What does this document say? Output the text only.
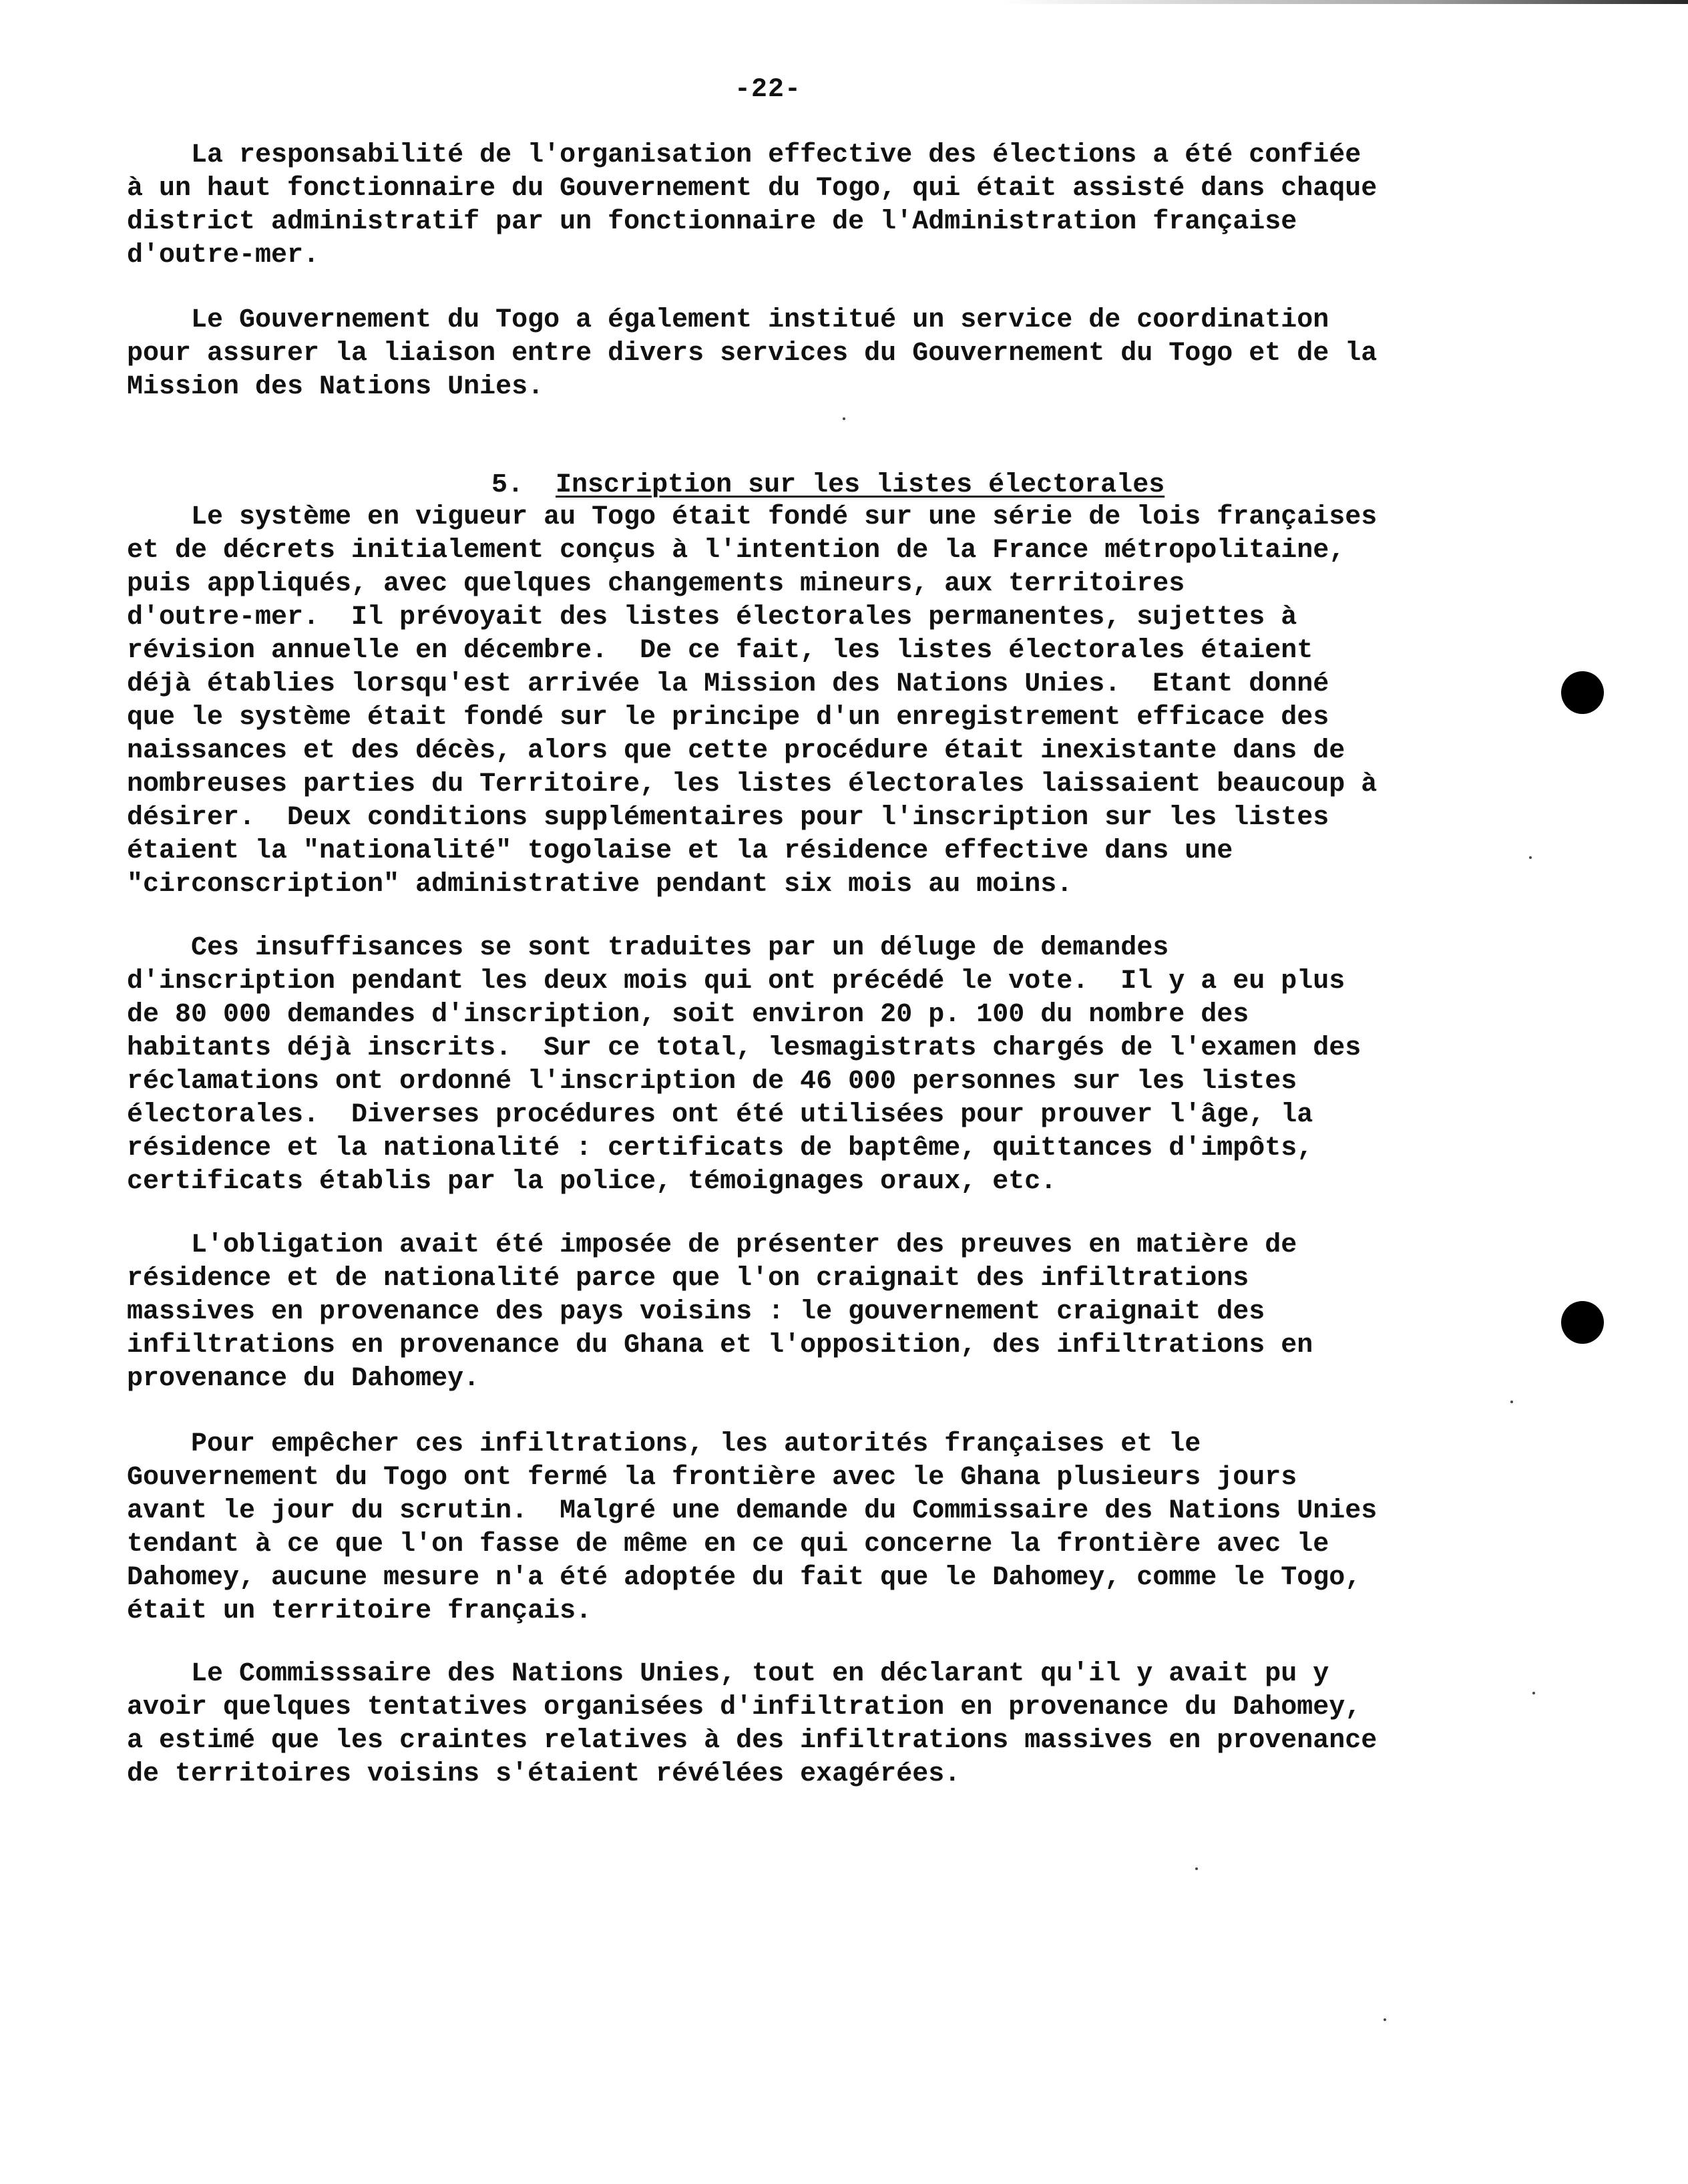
-22-

La responsabilité de l'organisation effective des élections a été confiée
à un haut fonctionnaire du Gouvernement du Togo, qui était assisté dans chaque
district administratif par un fonctionnaire de l'Administration française
d'outre-mer.

Le Gouvernement du Togo a également institué un service de coordination
pour assurer la liaison entre divers services du Gouvernement du Togo et de la
Mission des Nations Unies.

5. Inscription sur les listes électorales

Le système en vigueur au Togo était fondé sur une série de lois françaises
et de décrets initialement conçus à l'intention de la France métropolitaine,
puis appliqués, avec quelques changements mineurs, aux territoires
d'outre-mer.  Il prévoyait des listes électorales permanentes, sujettes à
révision annuelle en décembre.  De ce fait, les listes électorales étaient
déjà établies lorsqu'est arrivée la Mission des Nations Unies.  Etant donné
que le système était fondé sur le principe d'un enregistrement efficace des
naissances et des décès, alors que cette procédure était inexistante dans de
nombreuses parties du Territoire, les listes électorales laissaient beaucoup à
désirer.  Deux conditions supplémentaires pour l'inscription sur les listes
étaient la "nationalité" togolaise et la résidence effective dans une
"circonscription" administrative pendant six mois au moins.

Ces insuffisances se sont traduites par un déluge de demandes
d'inscription pendant les deux mois qui ont précédé le vote.  Il y a eu plus
de 80 000 demandes d'inscription, soit environ 20 p. 100 du nombre des
habitants déjà inscrits.  Sur ce total, lesmagistrats chargés de l'examen des
réclamations ont ordonné l'inscription de 46 000 personnes sur les listes
électorales.  Diverses procédures ont été utilisées pour prouver l'âge, la
résidence et la nationalité : certificats de baptême, quittances d'impôts,
certificats établis par la police, témoignages oraux, etc.

L'obligation avait été imposée de présenter des preuves en matière de
résidence et de nationalité parce que l'on craignait des infiltrations
massives en provenance des pays voisins : le gouvernement craignait des
infiltrations en provenance du Ghana et l'opposition, des infiltrations en
provenance du Dahomey.

Pour empêcher ces infiltrations, les autorités françaises et le
Gouvernement du Togo ont fermé la frontière avec le Ghana plusieurs jours
avant le jour du scrutin.  Malgré une demande du Commissaire des Nations Unies
tendant à ce que l'on fasse de même en ce qui concerne la frontière avec le
Dahomey, aucune mesure n'a été adoptée du fait que le Dahomey, comme le Togo,
était un territoire français.

Le Commisssaire des Nations Unies, tout en déclarant qu'il y avait pu y
avoir quelques tentatives organisées d'infiltration en provenance du Dahomey,
a estimé que les craintes relatives à des infiltrations massives en provenance
de territoires voisins s'étaient révélées exagérées.
